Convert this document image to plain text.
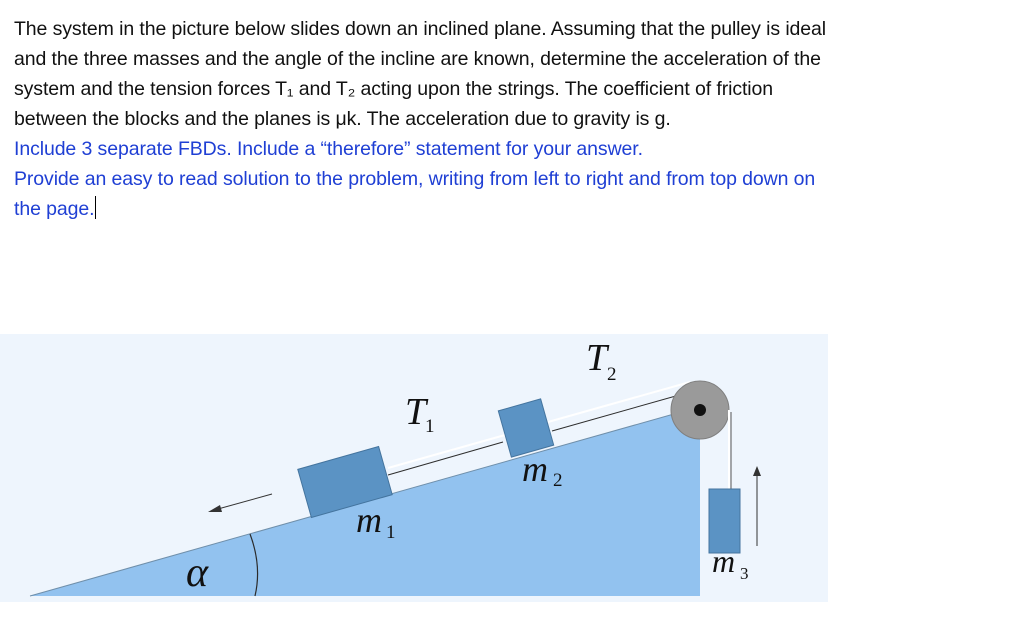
The system in the picture below slides down an inclined plane. Assuming that the pulley is ideal

and the three masses and the angle of the incline are known, determine the acceleration of the

system and the tension forces T₁ and T₂ acting upon the strings. The coefficient of friction

between the blocks and the planes is μk. The acceleration due to gravity is g.

Include 3 separate FBDs. Include a “therefore” statement for your answer.

Provide an easy to read solution to the problem, writing from left to right and from top down on

the page.

T
1
T 2
m 1
m 2
m 3
α
